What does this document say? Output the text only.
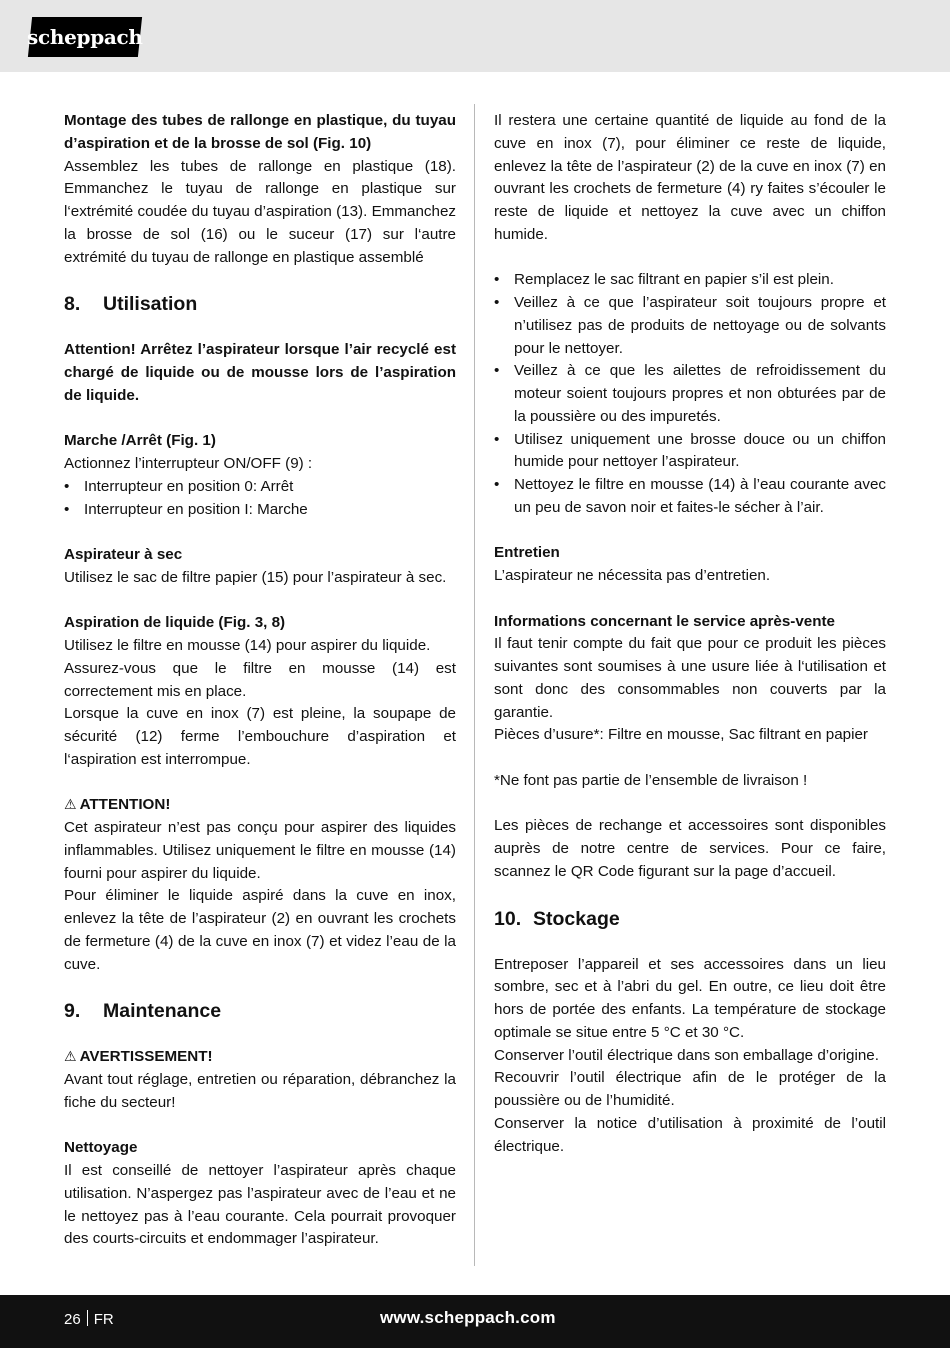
scheppach

Montage des tubes de rallonge en plastique, du tuyau d’aspiration et de la brosse de sol (Fig. 10)

Assemblez les tubes de rallonge en plastique (18). Emmanchez le tuyau de rallonge en plastique sur l‘extrémité coudée du tuyau d’aspiration (13). Emmanchez la brosse de sol (16) ou le suceur (17) sur l‘autre extrémité du tuyau de rallonge en plastique assemblé

8. Utilisation

Attention! Arrêtez l’aspirateur lorsque l’air recyclé est chargé de liquide ou de mousse lors de l’aspiration de liquide.

Marche /Arrêt (Fig. 1)

Actionnez l’interrupteur ON/OFF (9) :

• Interrupteur en position 0: Arrêt
• Interrupteur en position I: Marche

Aspirateur à sec

Utilisez le sac de filtre papier (15) pour l’aspirateur à sec.

Aspiration de liquide (Fig. 3, 8)

Utilisez le filtre en mousse (14) pour aspirer du liquide.

Assurez-vous que le filtre en mousse (14) est correctement mis en place.

Lorsque la cuve en inox (7) est pleine, la soupape de sécurité (12) ferme l’embouchure d’aspiration et l‘aspiration est interrompue.

⚠ ATTENTION!

Cet aspirateur n’est pas conçu pour aspirer des liquides inflammables. Utilisez uniquement le filtre en mousse (14) fourni pour aspirer du liquide.

Pour éliminer le liquide aspiré dans la cuve en inox, enlevez la tête de l’aspirateur (2) en ouvrant les crochets de fermeture (4) de la cuve en inox (7) et videz l’eau de la cuve.

9. Maintenance

⚠ AVERTISSEMENT!

Avant tout réglage, entretien ou réparation, débranchez la fiche du secteur!

Nettoyage

Il est conseillé de nettoyer l’aspirateur après chaque utilisation. N’aspergez pas l’aspirateur avec de l’eau et ne le nettoyez pas à l’eau courante. Cela pourrait provoquer des courts-circuits et endommager l’aspirateur.

Il restera une certaine quantité de liquide au fond de la cuve en inox (7), pour éliminer ce reste de liquide, enlevez la tête de l’aspirateur (2) de la cuve en inox (7) en ouvrant les crochets de fermeture (4) ry faites s’écouler le reste de liquide et nettoyez la cuve avec un chiffon humide.

• Remplacez le sac filtrant en papier s’il est plein.
• Veillez à ce que l’aspirateur soit toujours propre et n’utilisez pas de produits de nettoyage ou de solvants pour le nettoyer.
• Veillez à ce que les ailettes de refroidissement du moteur soient toujours propres et non obturées par de la poussière ou des impuretés.
• Utilisez uniquement une brosse douce ou un chiffon humide pour nettoyer l’aspirateur.
• Nettoyez le filtre en mousse (14) à l’eau courante avec un peu de savon noir et faites-le sécher à l’air.

Entretien

L’aspirateur ne nécessita pas d’entretien.

Informations concernant le service après-vente

Il faut tenir compte du fait que pour ce produit les pièces suivantes sont soumises à une usure liée à l‘utilisation et sont donc des consommables non couverts par la garantie.

Pièces d’usure*: Filtre en mousse, Sac filtrant en papier

*Ne font pas partie de l’ensemble de livraison !

Les pièces de rechange et accessoires sont disponibles auprès de notre centre de services. Pour ce faire, scannez le QR Code figurant sur la page d’accueil.

10. Stockage

Entreposer l’appareil et ses accessoires dans un lieu sombre, sec et à l’abri du gel. En outre, ce lieu doit être hors de portée des enfants. La température de stockage optimale se situe entre 5 °C et 30 °C.

Conserver l’outil électrique dans son emballage d’origine.

Recouvrir l’outil électrique afin de le protéger de la poussière ou de l’humidité.

Conserver la notice d’utilisation à proximité de l’outil électrique.

26 FR	www.scheppach.com
